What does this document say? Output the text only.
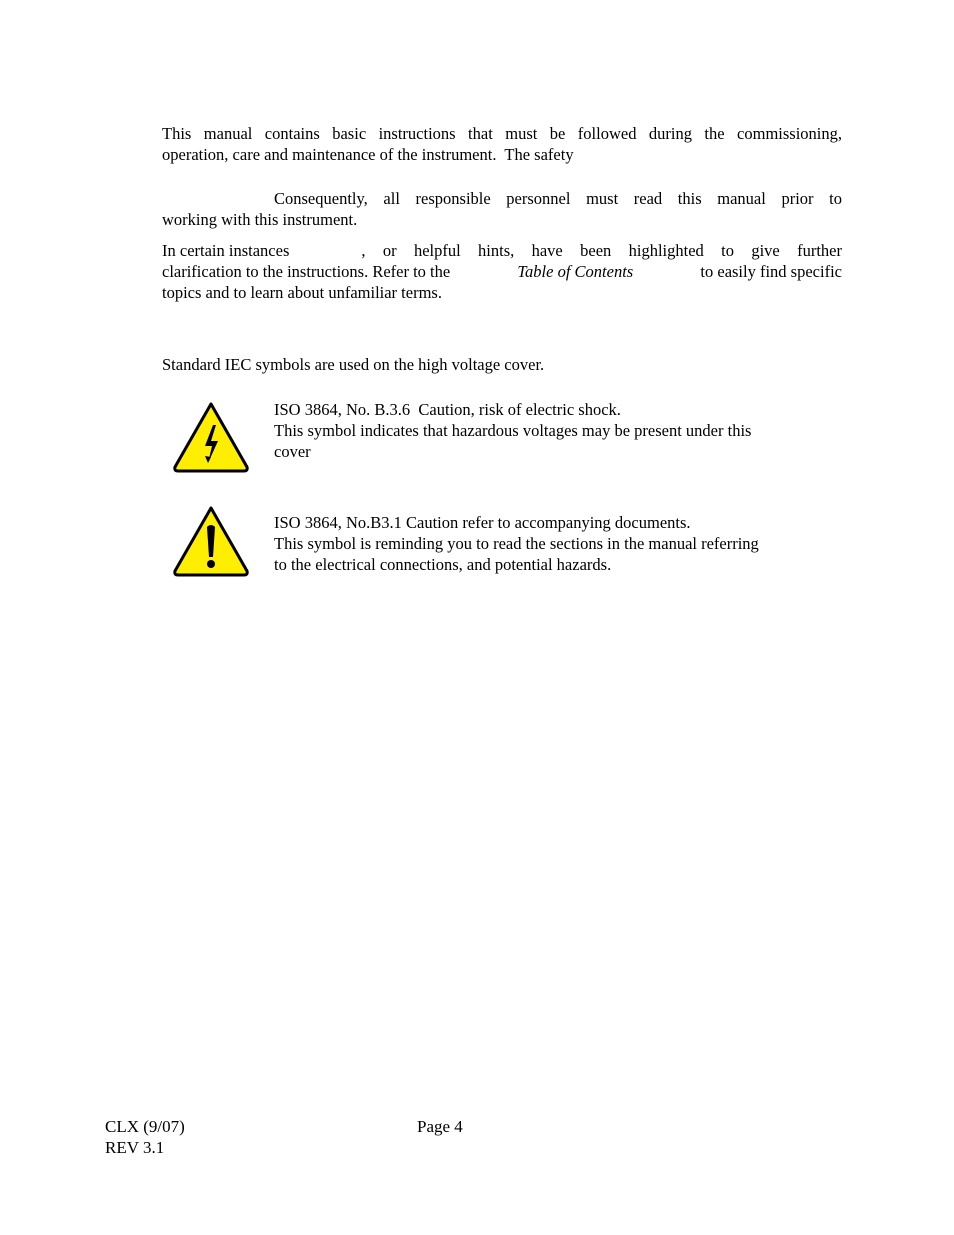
This manual contains basic instructions that must be followed during the commissioning,
operation, care and maintenance of the instrument.  The safety
Consequently, all responsible personnel must read this manual prior to
working with this instrument.
In certain instances	, or helpful hints, have been highlighted to give further
clarification to the instructions. Refer to the	Table of Contents	to easily find specific
topics and to learn about unfamiliar terms.
Standard IEC symbols are used on the high voltage cover.
ISO 3864, No. B.3.6  Caution, risk of electric shock.
This symbol indicates that hazardous voltages may be present under this
cover
ISO 3864, No.B3.1 Caution refer to accompanying documents.
This symbol is reminding you to read the sections in the manual referring
to the electrical connections, and potential hazards.
CLX (9/07)
REV 3.1
Page 4
